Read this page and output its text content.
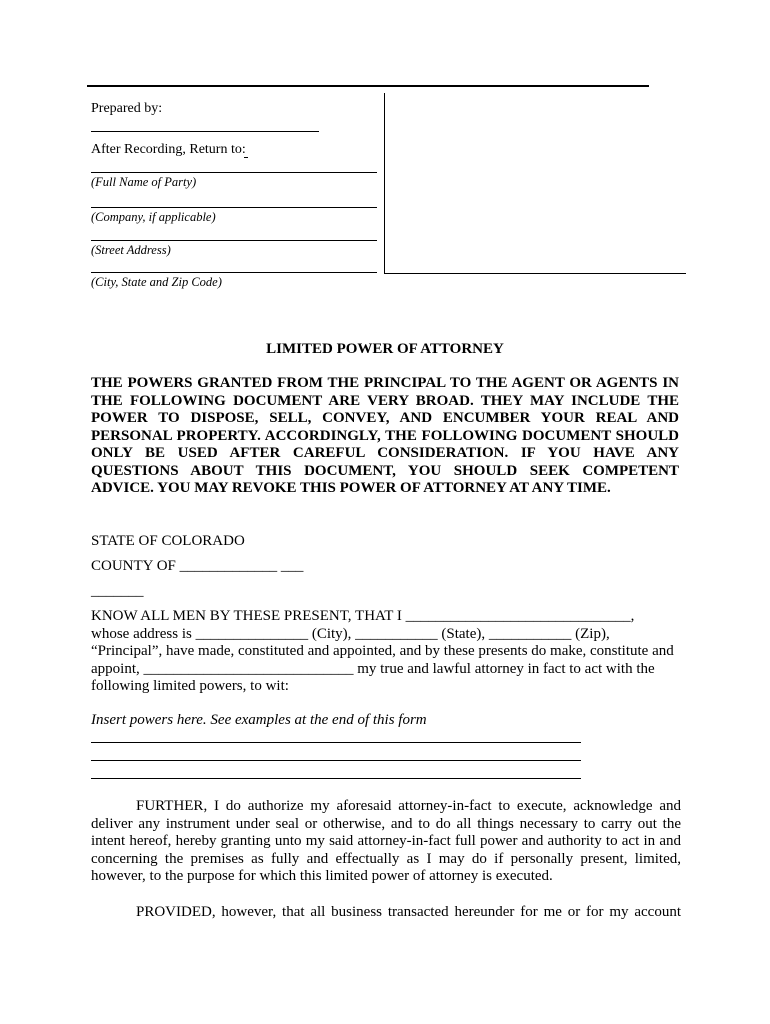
Prepared by:
After Recording, Return to:
(Full Name of Party)
(Company, if applicable)
(Street Address)
(City, State and Zip Code)
LIMITED POWER OF ATTORNEY

THE POWERS GRANTED FROM THE PRINCIPAL TO THE AGENT OR AGENTS IN THE FOLLOWING DOCUMENT ARE VERY BROAD. THEY MAY INCLUDE THE POWER TO DISPOSE, SELL, CONVEY, AND ENCUMBER YOUR REAL AND PERSONAL PROPERTY. ACCORDINGLY, THE FOLLOWING DOCUMENT SHOULD ONLY BE USED AFTER CAREFUL CONSIDERATION. IF YOU HAVE ANY QUESTIONS ABOUT THIS DOCUMENT, YOU SHOULD SEEK COMPETENT ADVICE. YOU MAY REVOKE THIS POWER OF ATTORNEY AT ANY TIME.

STATE OF COLORADO
COUNTY OF _____________ ___
_______
KNOW ALL MEN BY THESE PRESENT, THAT I ______________________________,
whose address is _______________ (City), ___________ (State), ___________ (Zip),
“Principal”, have made, constituted and appointed, and by these presents do make, constitute and
appoint, ____________________________ my true and lawful attorney in fact to act with the
following limited powers, to wit:
Insert powers here. See examples at the end of this form
FURTHER, I do authorize my aforesaid attorney-in-fact to execute, acknowledge and deliver any instrument under seal or otherwise, and to do all things necessary to carry out the intent hereof, hereby granting unto my said attorney-in-fact full power and authority to act in and concerning the premises as fully and effectually as I may do if personally present, limited, however, to the purpose for which this limited power of attorney is executed.
PROVIDED, however, that all business transacted hereunder for me or for my account
